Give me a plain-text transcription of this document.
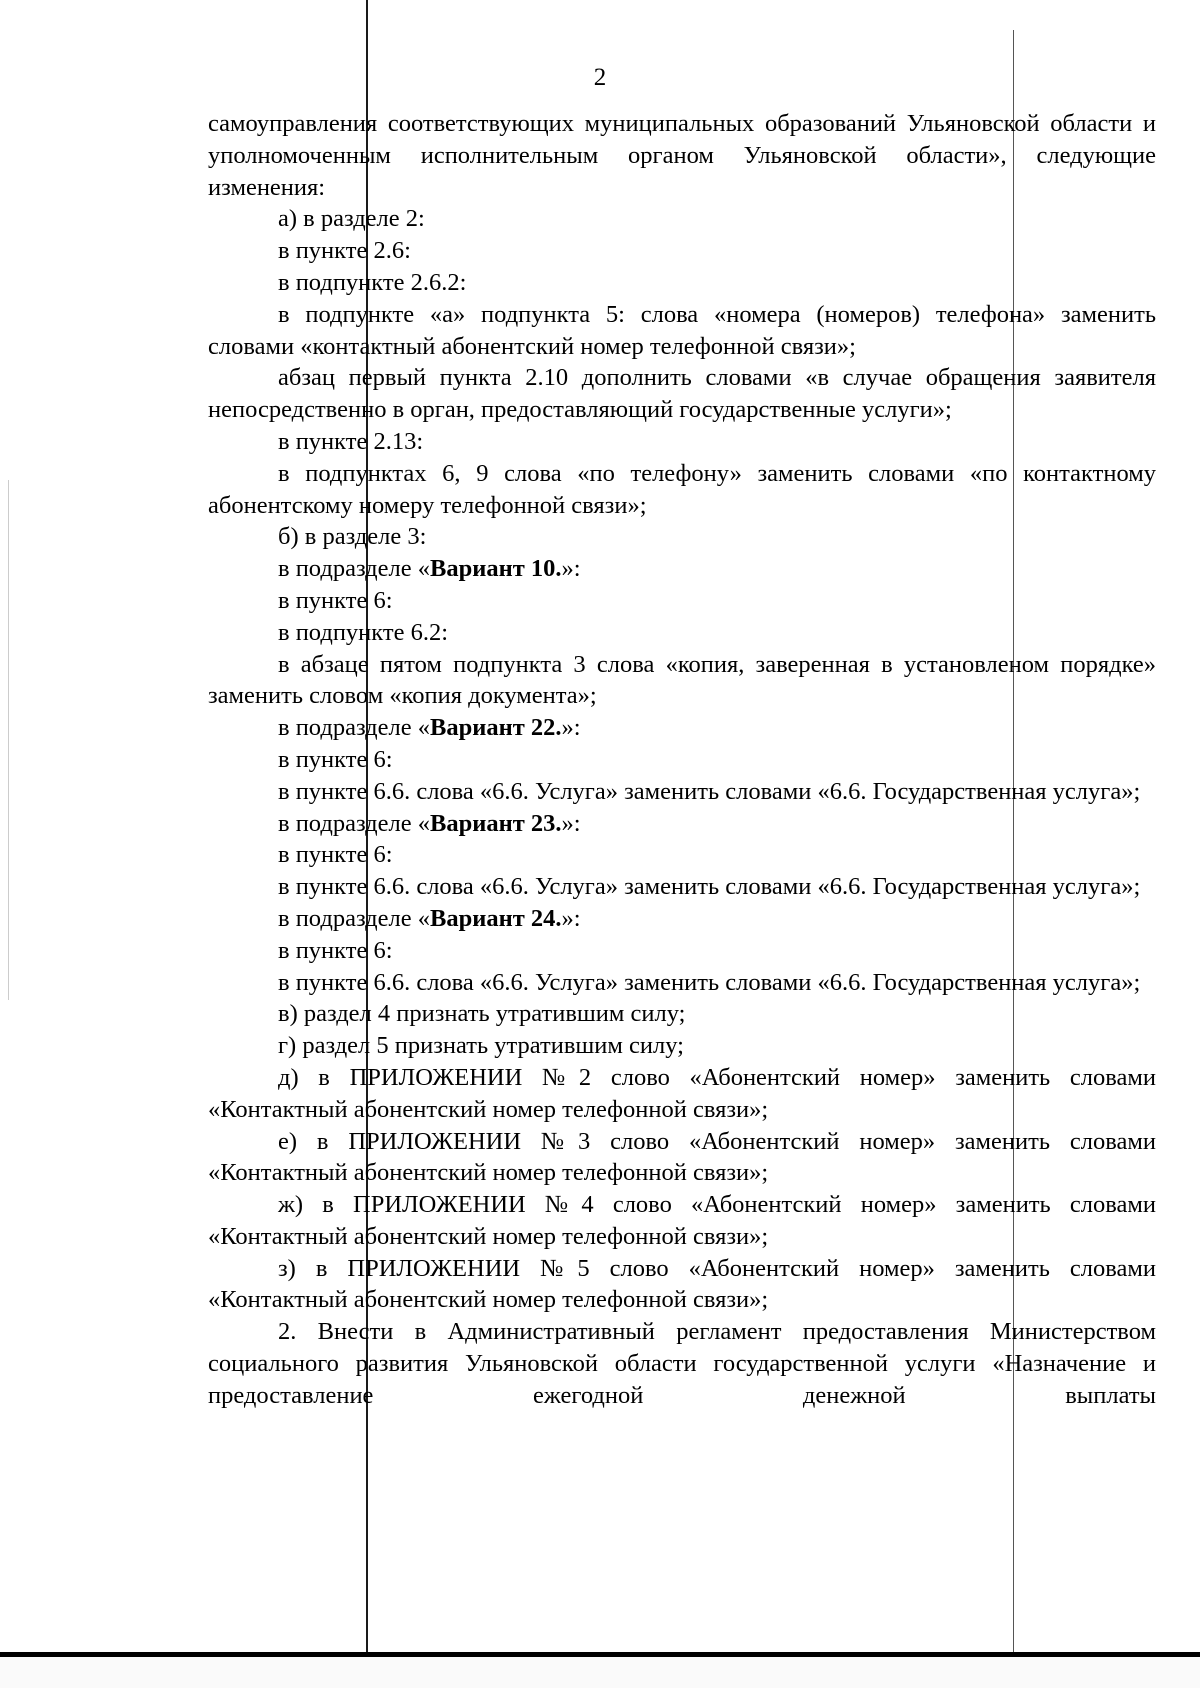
2

самоуправления соответствующих муниципальных образований Ульяновской области и уполномоченным исполнительным органом Ульяновской области», следующие изменения:

а) в разделе 2:

в пункте 2.6:

в подпункте 2.6.2:

в подпункте «а» подпункта 5: слова «номера (номеров) телефона» заменить словами «контактный абонентский номер телефонной связи»;

абзац первый пункта 2.10 дополнить словами «в случае обращения заявителя непосредственно в орган, предоставляющий государственные услуги»;

в пункте 2.13:

в подпунктах 6, 9 слова «по телефону» заменить словами «по контактному абонентскому номеру телефонной связи»;

б) в разделе 3:

в подразделе «Вариант 10.»:

в пункте 6:

в подпункте 6.2:

в абзаце пятом подпункта 3 слова «копия, заверенная в установленом порядке» заменить словом «копия документа»;

в подразделе «Вариант 22.»:

в пункте 6:

в пункте 6.6. слова «6.6. Услуга» заменить словами «6.6. Государственная услуга»;

в подразделе «Вариант 23.»:

в пункте 6:

в пункте 6.6. слова «6.6. Услуга» заменить словами «6.6. Государственная услуга»;

в подразделе «Вариант 24.»:

в пункте 6:

в пункте 6.6. слова «6.6. Услуга» заменить словами «6.6. Государственная услуга»;

в) раздел 4 признать утратившим силу;

г) раздел 5 признать утратившим силу;

д) в ПРИЛОЖЕНИИ №2 слово «Абонентский номер» заменить словами «Контактный абонентский номер телефонной связи»;

е) в ПРИЛОЖЕНИИ №3 слово «Абонентский номер» заменить словами «Контактный абонентский номер телефонной связи»;

ж) в ПРИЛОЖЕНИИ №4 слово «Абонентский номер» заменить словами «Контактный абонентский номер телефонной связи»;

з) в ПРИЛОЖЕНИИ №5 слово «Абонентский номер» заменить словами «Контактный абонентский номер телефонной связи»;

2. Внести в Административный регламент предоставления Министерством социального развития Ульяновской области государственной услуги «Назначение и предоставление ежегодной денежной выплаты
